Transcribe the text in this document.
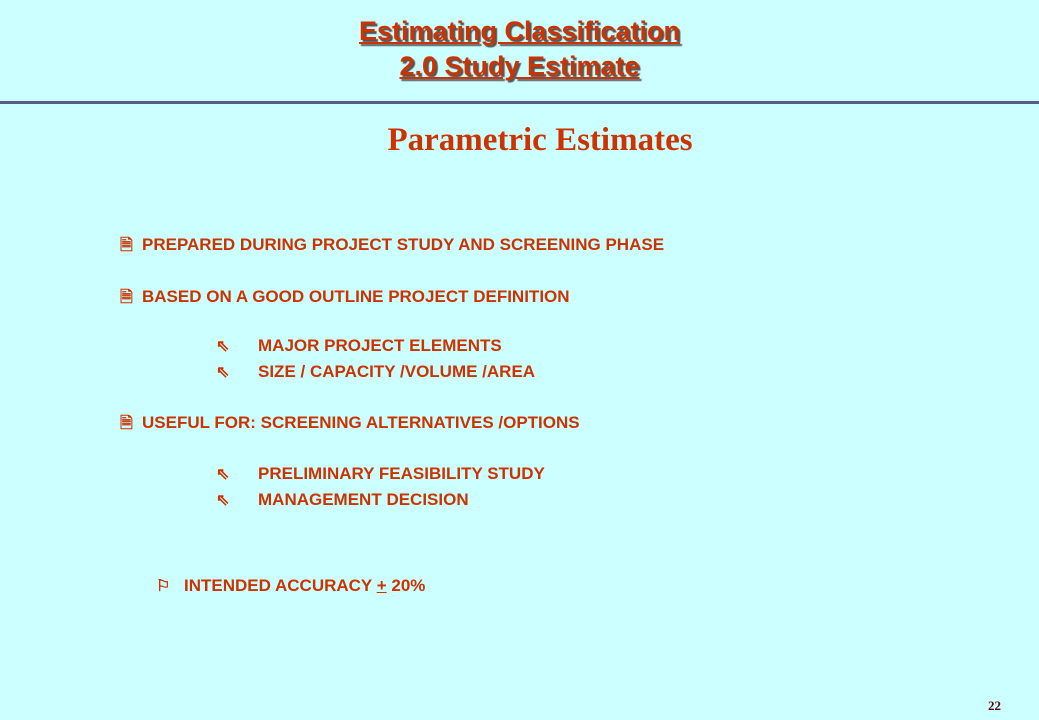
Estimating Classification
2.0 Study Estimate
Parametric Estimates
🗎 PREPARED DURING PROJECT STUDY AND SCREENING PHASE
🗎 BASED ON A GOOD OUTLINE PROJECT DEFINITION
⇖ MAJOR PROJECT ELEMENTS
⇖ SIZE / CAPACITY /VOLUME /AREA
🗎 USEFUL FOR: SCREENING ALTERNATIVES /OPTIONS
⇖ PRELIMINARY FEASIBILITY STUDY
⇖ MANAGEMENT DECISION
⚐ INTENDED ACCURACY + 20%
22
